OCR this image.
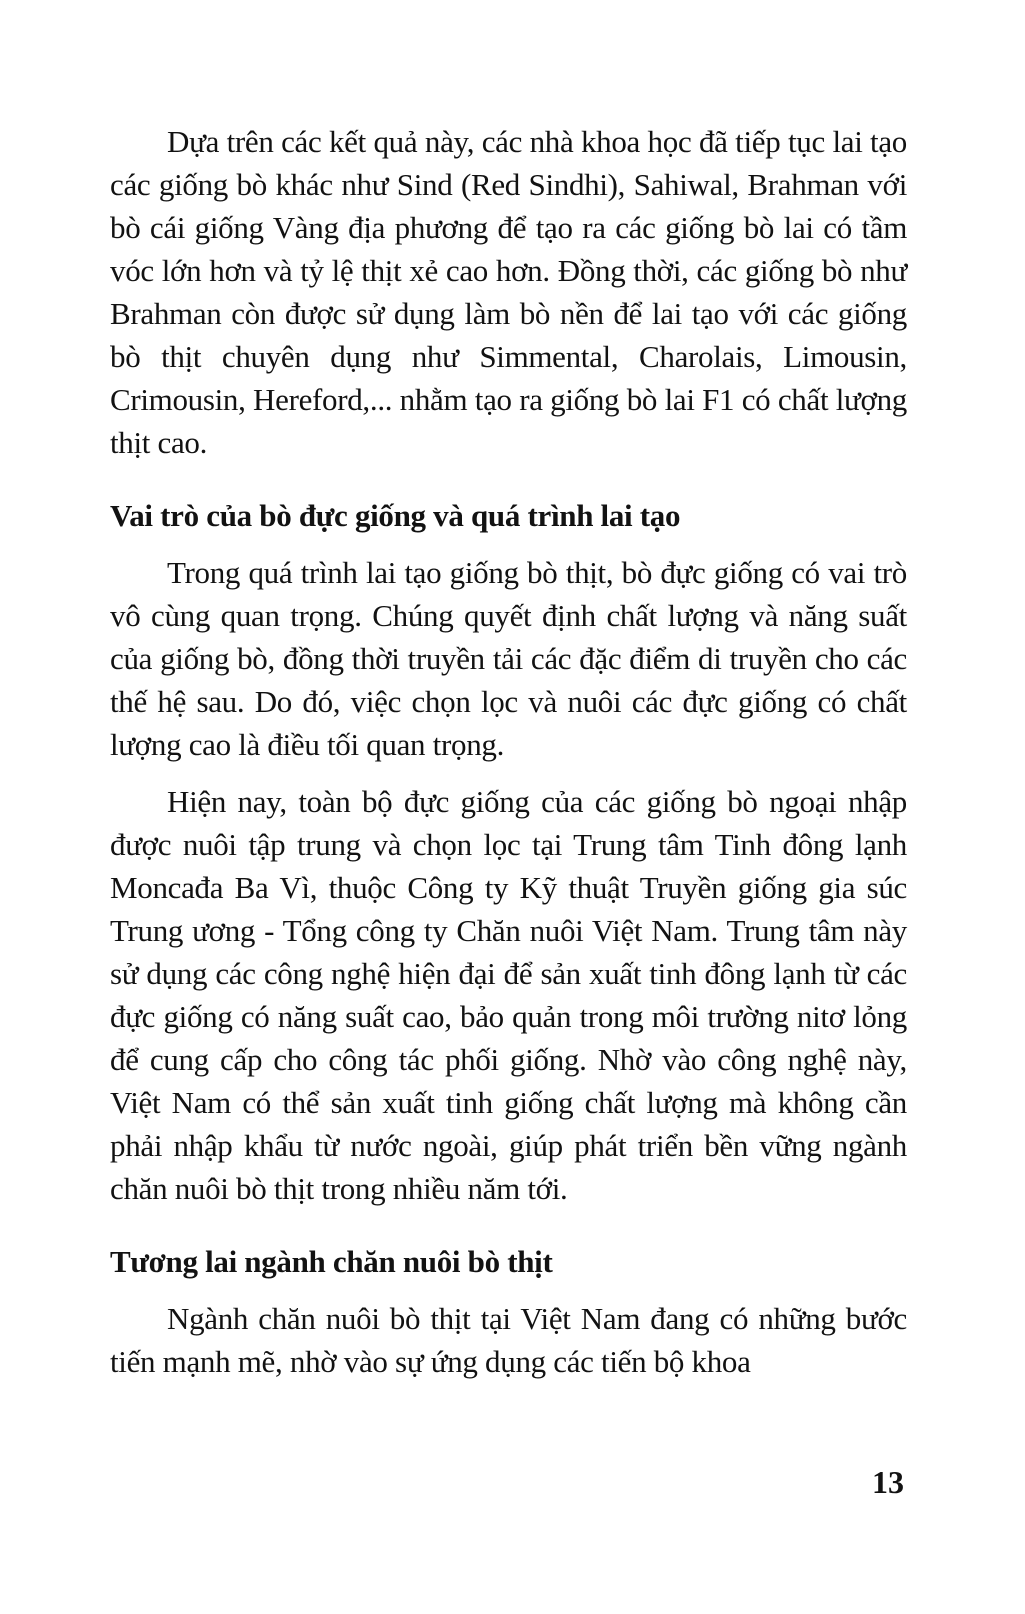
Dựa trên các kết quả này, các nhà khoa học đã tiếp tục lai tạo các giống bò khác như Sind (Red Sindhi), Sahiwal, Brahman với bò cái giống Vàng địa phương để tạo ra các giống bò lai có tầm vóc lớn hơn và tỷ lệ thịt xẻ cao hơn. Đồng thời, các giống bò như Brahman còn được sử dụng làm bò nền để lai tạo với các giống bò thịt chuyên dụng như Simmental, Charolais, Limousin, Crimousin, Hereford,... nhằm tạo ra giống bò lai F1 có chất lượng thịt cao.

Vai trò của bò đực giống và quá trình lai tạo

Trong quá trình lai tạo giống bò thịt, bò đực giống có vai trò vô cùng quan trọng. Chúng quyết định chất lượng và năng suất của giống bò, đồng thời truyền tải các đặc điểm di truyền cho các thế hệ sau. Do đó, việc chọn lọc và nuôi các đực giống có chất lượng cao là điều tối quan trọng.

Hiện nay, toàn bộ đực giống của các giống bò ngoại nhập được nuôi tập trung và chọn lọc tại Trung tâm Tinh đông lạnh Moncađa Ba Vì, thuộc Công ty Kỹ thuật Truyền giống gia súc Trung ương - Tổng công ty Chăn nuôi Việt Nam. Trung tâm này sử dụng các công nghệ hiện đại để sản xuất tinh đông lạnh từ các đực giống có năng suất cao, bảo quản trong môi trường nitơ lỏng để cung cấp cho công tác phối giống. Nhờ vào công nghệ này, Việt Nam có thể sản xuất tinh giống chất lượng mà không cần phải nhập khẩu từ nước ngoài, giúp phát triển bền vững ngành chăn nuôi bò thịt trong nhiều năm tới.

Tương lai ngành chăn nuôi bò thịt

Ngành chăn nuôi bò thịt tại Việt Nam đang có những bước tiến mạnh mẽ, nhờ vào sự ứng dụng các tiến bộ khoa

13
